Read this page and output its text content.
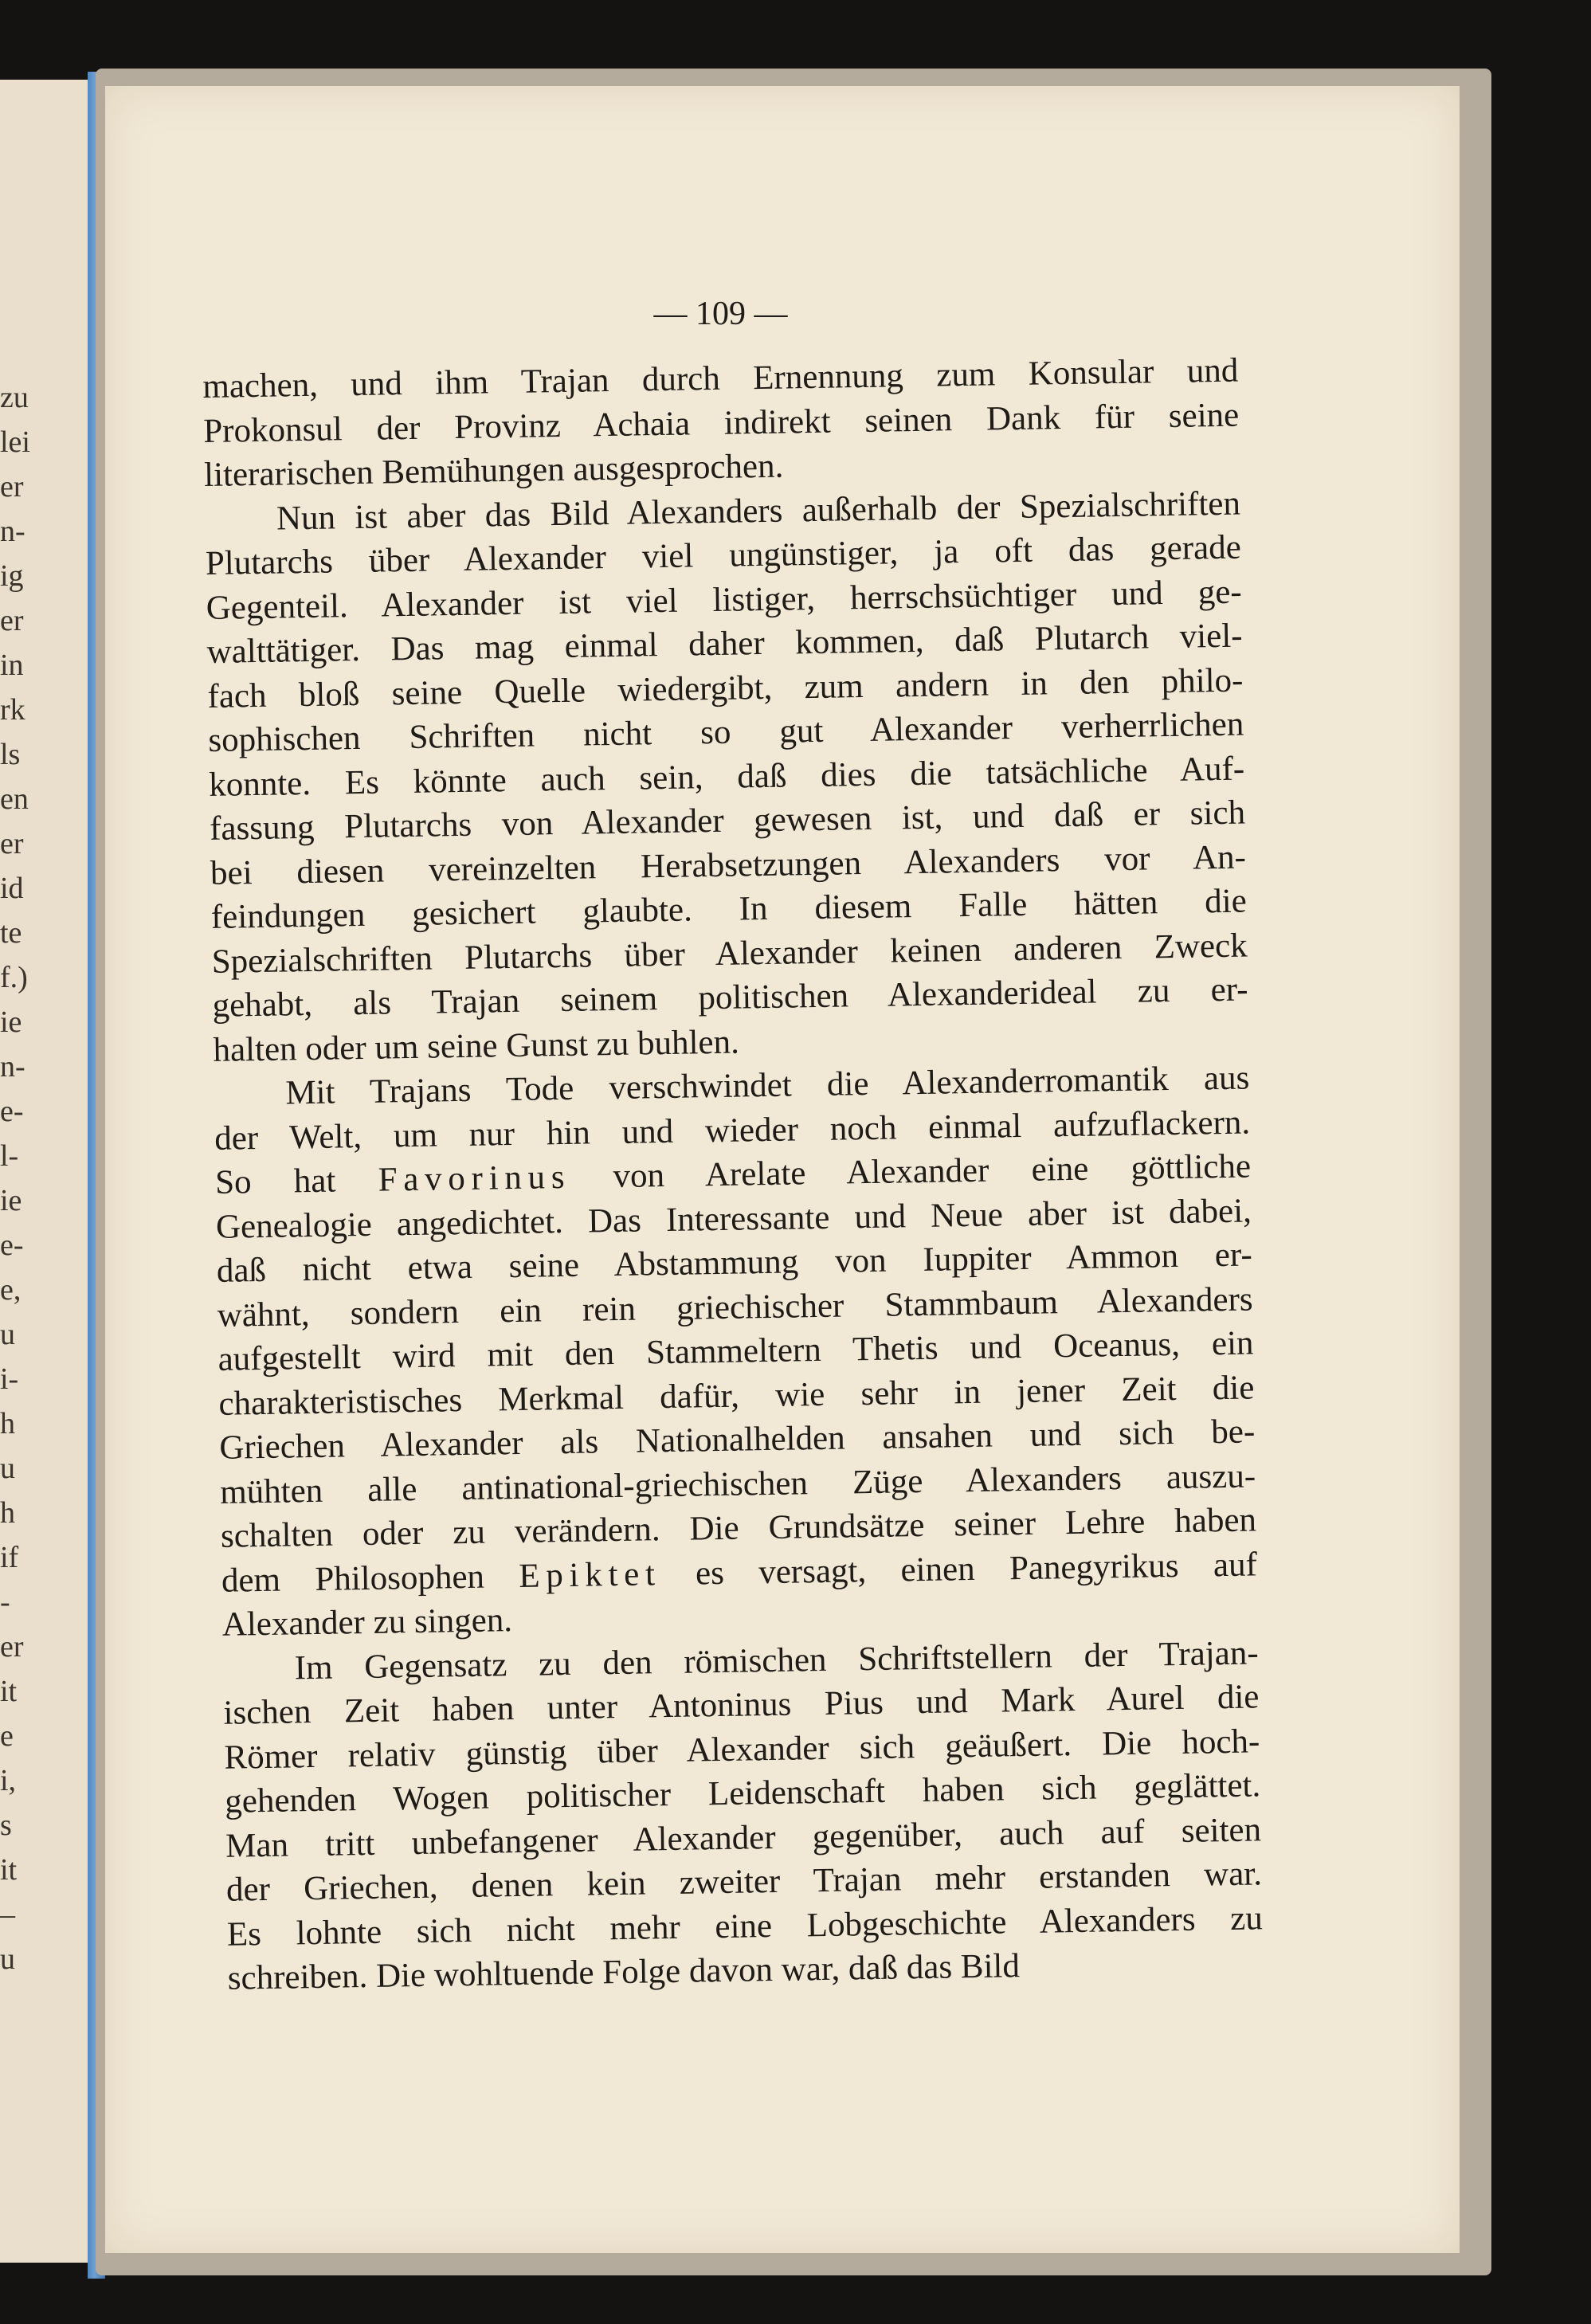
zu
lei
er
n-
ig
er
in
rk
ls
en
er
id
te
f.)
ie
n-
e-
l-
ie
e-
e,
u
i-
h
u
h
if
-
er
it
e
i,
s
it
–
u
— 109 —
machen, und ihm Trajan durch Ernennung zum Konsular und
Prokonsul der Provinz Achaia indirekt seinen Dank für seine
literarischen Bemühungen ausgesprochen.
Nun ist aber das Bild Alexanders außerhalb der Spezialschriften
Plutarchs über Alexander viel ungünstiger, ja oft das gerade
Gegenteil. Alexander ist viel listiger, herrschsüchtiger und ge-
walttätiger. Das mag einmal daher kommen, daß Plutarch viel-
fach bloß seine Quelle wiedergibt, zum andern in den philo-
sophischen Schriften nicht so gut Alexander verherrlichen
konnte. Es könnte auch sein, daß dies die tatsächliche Auf-
fassung Plutarchs von Alexander gewesen ist, und daß er sich
bei diesen vereinzelten Herabsetzungen Alexanders vor An-
feindungen gesichert glaubte. In diesem Falle hätten die
Spezialschriften Plutarchs über Alexander keinen anderen Zweck
gehabt, als Trajan seinem politischen Alexanderideal zu er-
halten oder um seine Gunst zu buhlen.
Mit Trajans Tode verschwindet die Alexanderromantik aus
der Welt, um nur hin und wieder noch einmal aufzuflackern.
So hat Favorinus von Arelate Alexander eine göttliche
Genealogie angedichtet. Das Interessante und Neue aber ist dabei,
daß nicht etwa seine Abstammung von Iuppiter Ammon er-
wähnt, sondern ein rein griechischer Stammbaum Alexanders
aufgestellt wird mit den Stammeltern Thetis und Oceanus, ein
charakteristisches Merkmal dafür, wie sehr in jener Zeit die
Griechen Alexander als Nationalhelden ansahen und sich be-
mühten alle antinational-griechischen Züge Alexanders auszu-
schalten oder zu verändern. Die Grundsätze seiner Lehre haben
dem Philosophen Epiktet es versagt, einen Panegyrikus auf
Alexander zu singen.
Im Gegensatz zu den römischen Schriftstellern der Trajan-
ischen Zeit haben unter Antoninus Pius und Mark Aurel die
Römer relativ günstig über Alexander sich geäußert. Die hoch-
gehenden Wogen politischer Leidenschaft haben sich geglättet.
Man tritt unbefangener Alexander gegenüber, auch auf seiten
der Griechen, denen kein zweiter Trajan mehr erstanden war.
Es lohnte sich nicht mehr eine Lobgeschichte Alexanders zu
schreiben. Die wohltuende Folge davon war, daß das Bild
